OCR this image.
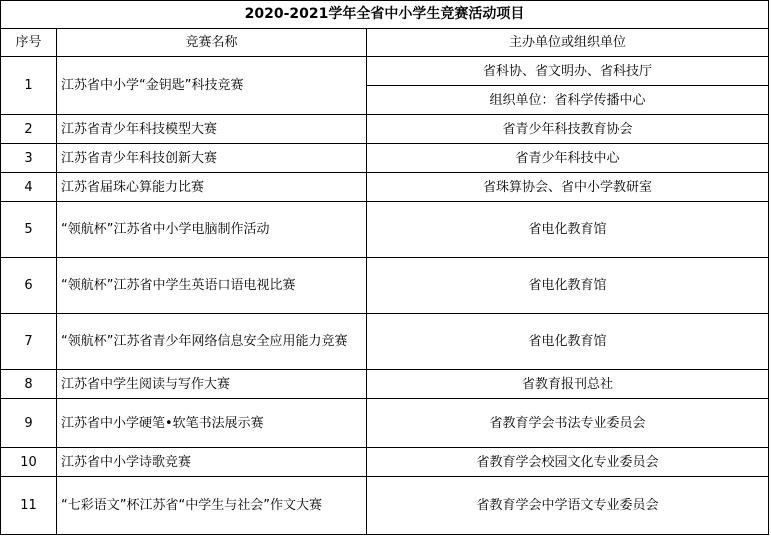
2020-2021学年全省中小学生竞赛活动项目		
序号	竞赛名称	主办单位或组织单位
1	江苏省中小学“金钥匙”科技竞赛	省科协、省文明办、省科技厅
		组织单位：省科学传播中心
2	江苏省青少年科技模型大赛	省青少年科技教育协会
3	江苏省青少年科技创新大赛	省青少年科技中心
4	江苏省届珠心算能力比赛	省珠算协会、省中小学教研室
5	“领航杯”江苏省中小学电脑制作活动	省电化教育馆
6	“领航杯”江苏省中学生英语口语电视比赛	省电化教育馆
7	“领航杯”江苏省青少年网络信息安全应用能力竞赛	省电化教育馆
8	江苏省中学生阅读与写作大赛	省教育报刊总社
9	江苏省中小学硬笔•软笔书法展示赛	省教育学会书法专业委员会
10	江苏省中小学诗歌竞赛	省教育学会校园文化专业委员会
11	“七彩语文”杯江苏省“中学生与社会”作文大赛	省教育学会中学语文专业委员会
